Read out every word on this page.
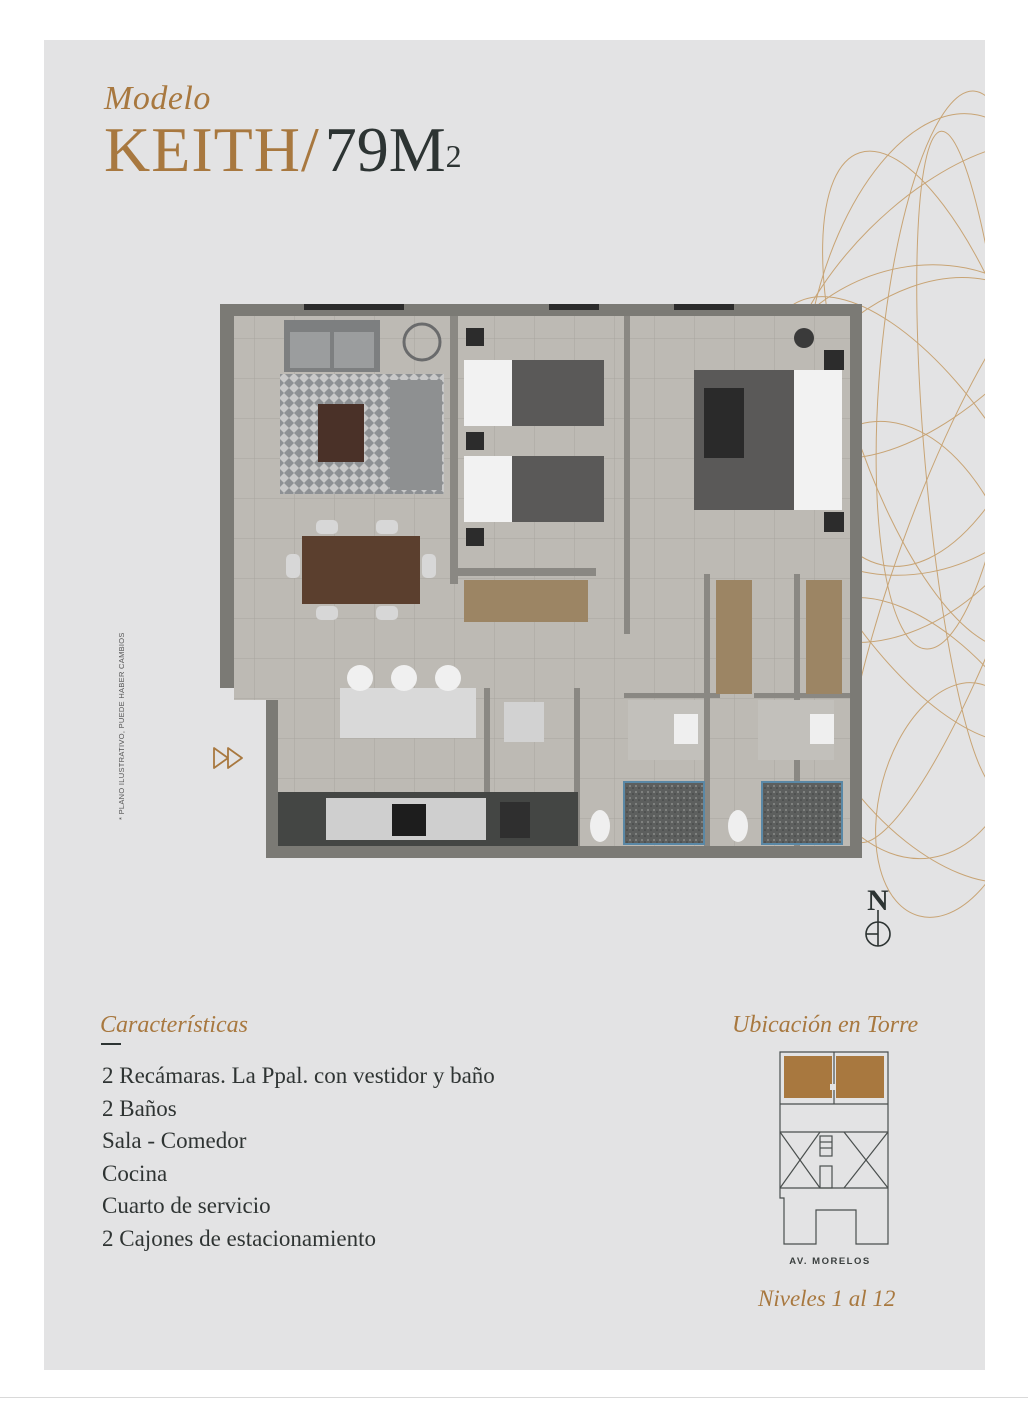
Modelo
KEITH/$79M^2$
* PLANO ILUSTRATIVO, PUEDE HABER CAMBIOS
N
Características
2 Recámaras. La Ppal. con vestidor y baño
2 Baños
Sala - Comedor
Cocina
Cuarto de servicio
2 Cajones de estacionamiento
Ubicación en Torre
AV. MORELOS
Niveles 1 al 12
